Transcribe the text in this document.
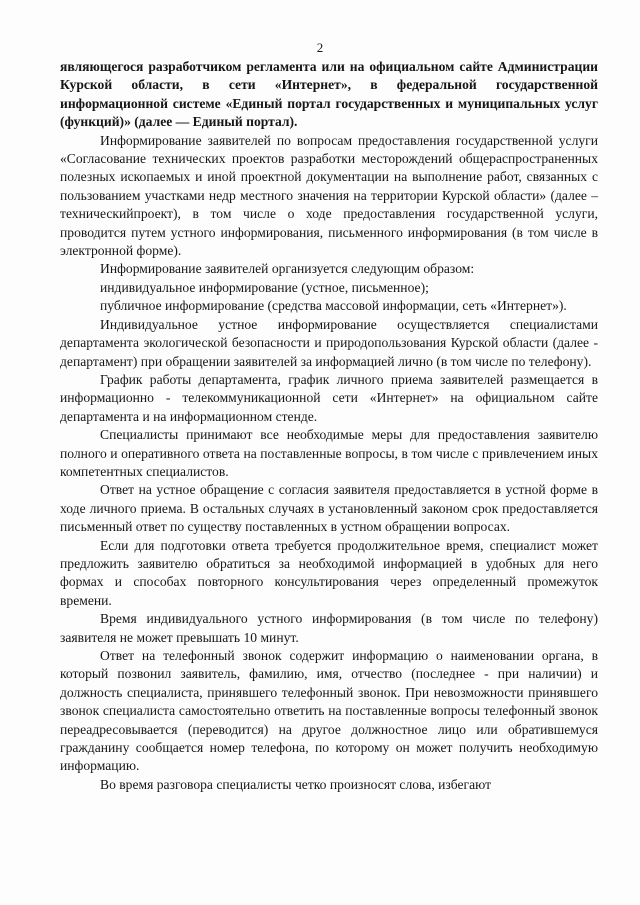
2

являющегося разработчиком регламента или на официальном сайте Администрации Курской области, в сети «Интернет», в федеральной государственной информационной системе «Единый портал государственных и муниципальных услуг (функций)» (далее — Единый портал).

Информирование заявителей по вопросам предоставления государственной услуги «Согласование технических проектов разработки месторождений общераспространенных полезных ископаемых и иной проектной документации на выполнение работ, связанных с пользованием участками недр местного значения на территории Курской области» (далее – техническийпроект), в том числе о ходе предоставления государственной услуги, проводится путем устного информирования, письменного информирования (в том числе в электронной форме).

Информирование заявителей организуется следующим образом:

индивидуальное информирование (устное, письменное);

публичное информирование (средства массовой информации, сеть «Интернет»).

Индивидуальное устное информирование осуществляется специалистами департамента экологической безопасности и природопользования Курской области (далее - департамент) при обращении заявителей за информацией лично (в том числе по телефону).

График работы департамента, график личного приема заявителей размещается в информационно - телекоммуникационной сети «Интернет» на официальном сайте департамента и на информационном стенде.

Специалисты принимают все необходимые меры для предоставления заявителю полного и оперативного ответа на поставленные вопросы, в том числе с привлечением иных компетентных специалистов.

Ответ на устное обращение с согласия заявителя предоставляется в устной форме в ходе личного приема. В остальных случаях в установленный законом срок предоставляется письменный ответ по существу поставленных в устном обращении вопросах.

Если для подготовки ответа требуется продолжительное время, специалист может предложить заявителю обратиться за необходимой информацией в удобных для него формах и способах повторного консультирования через определенный промежуток времени.

Время индивидуального устного информирования (в том числе по телефону) заявителя не может превышать 10 минут.

Ответ на телефонный звонок содержит информацию о наименовании органа, в который позвонил заявитель, фамилию, имя, отчество (последнее - при наличии) и должность специалиста, принявшего телефонный звонок. При невозможности принявшего звонок специалиста самостоятельно ответить на поставленные вопросы телефонный звонок переадресовывается (переводится) на другое должностное лицо или обратившемуся гражданину сообщается номер телефона, по которому он может получить необходимую информацию.

Во время разговора специалисты четко произносят слова, избегают
